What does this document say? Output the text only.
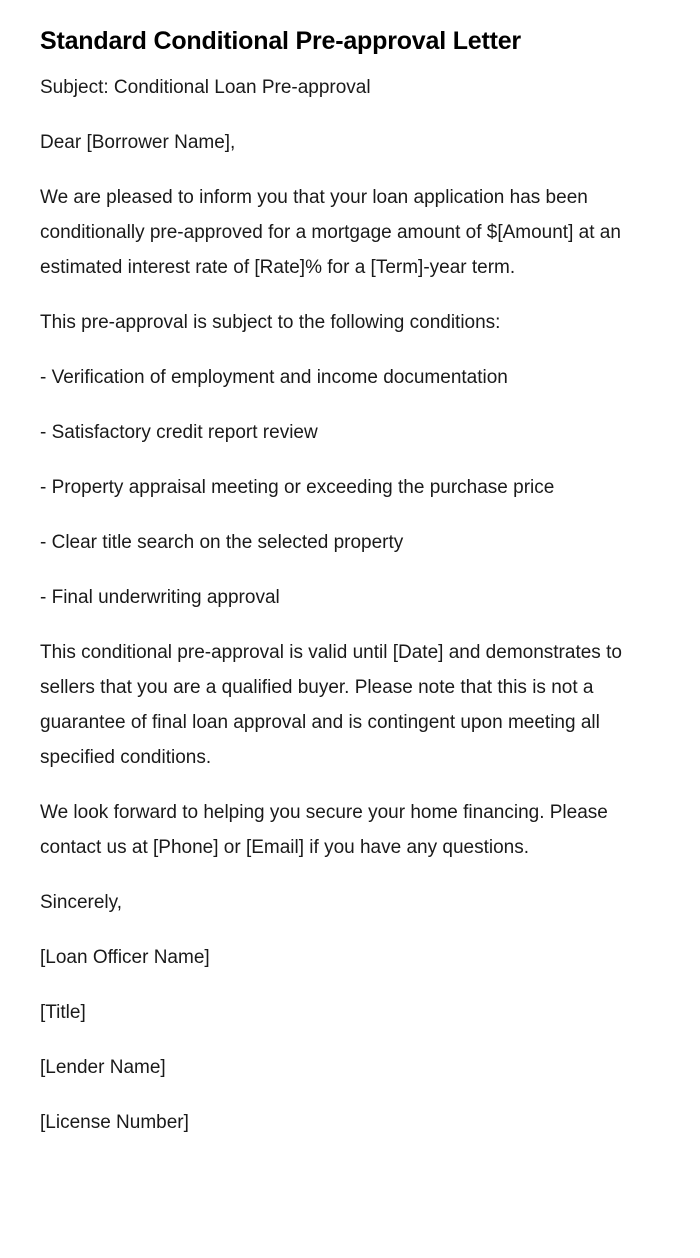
Standard Conditional Pre-approval Letter

Subject: Conditional Loan Pre-approval

Dear [Borrower Name],

We are pleased to inform you that your loan application has been conditionally pre-approved for a mortgage amount of $[Amount] at an estimated interest rate of [Rate]% for a [Term]-year term.

This pre-approval is subject to the following conditions:

- Verification of employment and income documentation

- Satisfactory credit report review

- Property appraisal meeting or exceeding the purchase price

- Clear title search on the selected property

- Final underwriting approval

This conditional pre-approval is valid until [Date] and demonstrates to sellers that you are a qualified buyer. Please note that this is not a guarantee of final loan approval and is contingent upon meeting all specified conditions.

We look forward to helping you secure your home financing. Please contact us at [Phone] or [Email] if you have any questions.

Sincerely,

[Loan Officer Name]

[Title]

[Lender Name]

[License Number]
